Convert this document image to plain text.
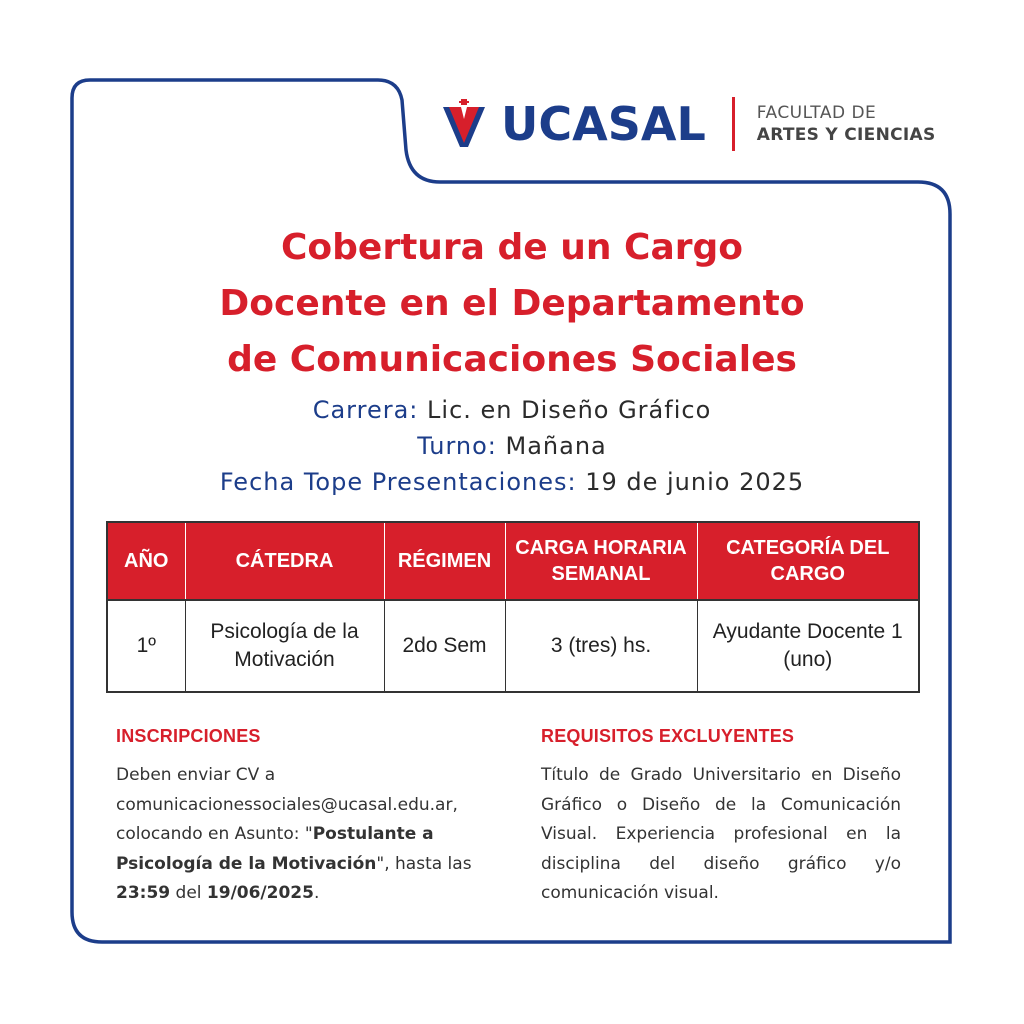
UCASAL	FACULTAD DE
ARTES Y CIENCIAS
Cobertura de un Cargo
Docente en el Departamento
de Comunicaciones Sociales
Carrera: Lic. en Diseño Gráfico
Turno: Mañana
Fecha Tope Presentaciones: 19 de junio 2025
AÑO	CÁTEDRA	RÉGIMEN	CARGA HORARIA SEMANAL	CATEGORÍA DEL CARGO
1º	Psicología de la Motivación	2do Sem	3 (tres) hs.	Ayudante Docente 1 (uno)
INSCRIPCIONES
Deben enviar CV a comunicacionessociales@ucasal.edu.ar, colocando en Asunto: "Postulante a Psicología de la Motivación", hasta las 23:59 del 19/06/2025.
REQUISITOS EXCLUYENTES
Título de Grado Universitario en Diseño Gráfico o Diseño de la Comunicación Visual. Experiencia profesional en la disciplina del diseño gráfico y/o comunicación visual.
